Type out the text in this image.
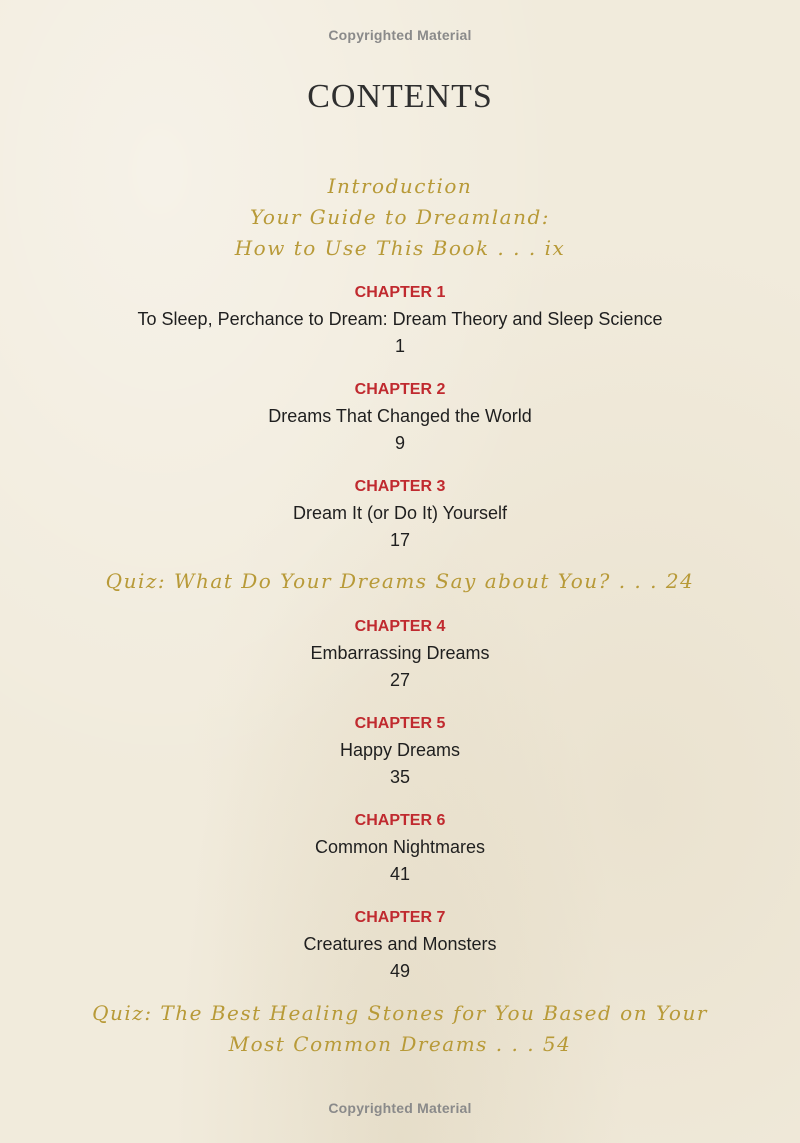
Copyrighted Material
CONTENTS
Introduction
Your Guide to Dreamland:
How to Use This Book . . . ix
CHAPTER 1
To Sleep, Perchance to Dream: Dream Theory and Sleep Science
1
CHAPTER 2
Dreams That Changed the World
9
CHAPTER 3
Dream It (or Do It) Yourself
17
Quiz: What Do Your Dreams Say about You? . . . 24
CHAPTER 4
Embarrassing Dreams
27
CHAPTER 5
Happy Dreams
35
CHAPTER 6
Common Nightmares
41
CHAPTER 7
Creatures and Monsters
49
Quiz: The Best Healing Stones for You Based on Your
Most Common Dreams . . . 54
Copyrighted Material
